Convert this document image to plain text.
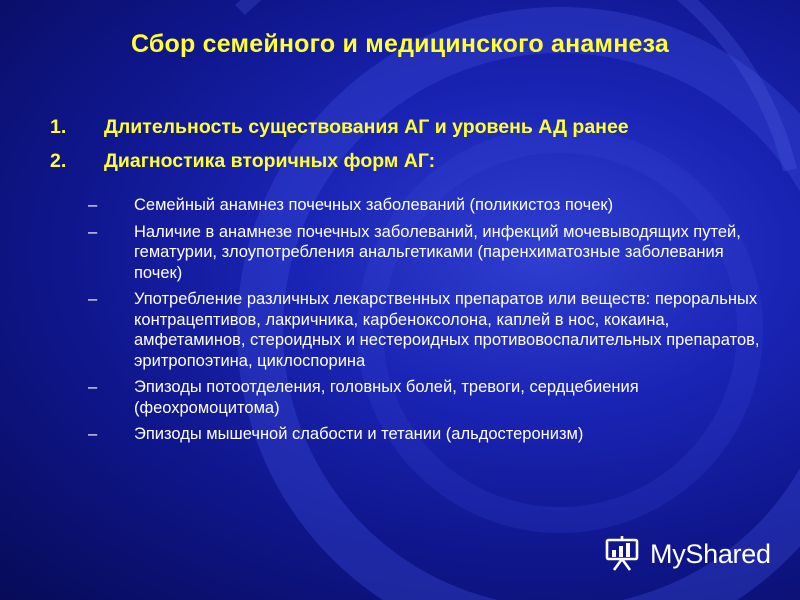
Сбор семейного и медицинского анамнеза
1.	Длительность существования АГ и уровень АД ранее
2.	Диагностика вторичных форм АГ:
–	Семейный анамнез почечных заболеваний (поликистоз почек)
–	Наличие в анамнезе почечных заболеваний, инфекций мочевыводящих путей, гематурии, злоупотребления анальгетиками (паренхиматозные заболевания почек)
–	Употребление различных лекарственных препаратов или веществ: пероральных контрацептивов, лакричника, карбеноксолона, каплей в нос, кокаина, амфетаминов, стероидных и нестероидных противовоспалительных препаратов, эритропоэтина, циклоспорина
–	Эпизоды потоотделения, головных болей, тревоги, сердцебиения (феохромоцитома)
–	Эпизоды мышечной слабости и тетании (альдостеронизм)
MyShared
